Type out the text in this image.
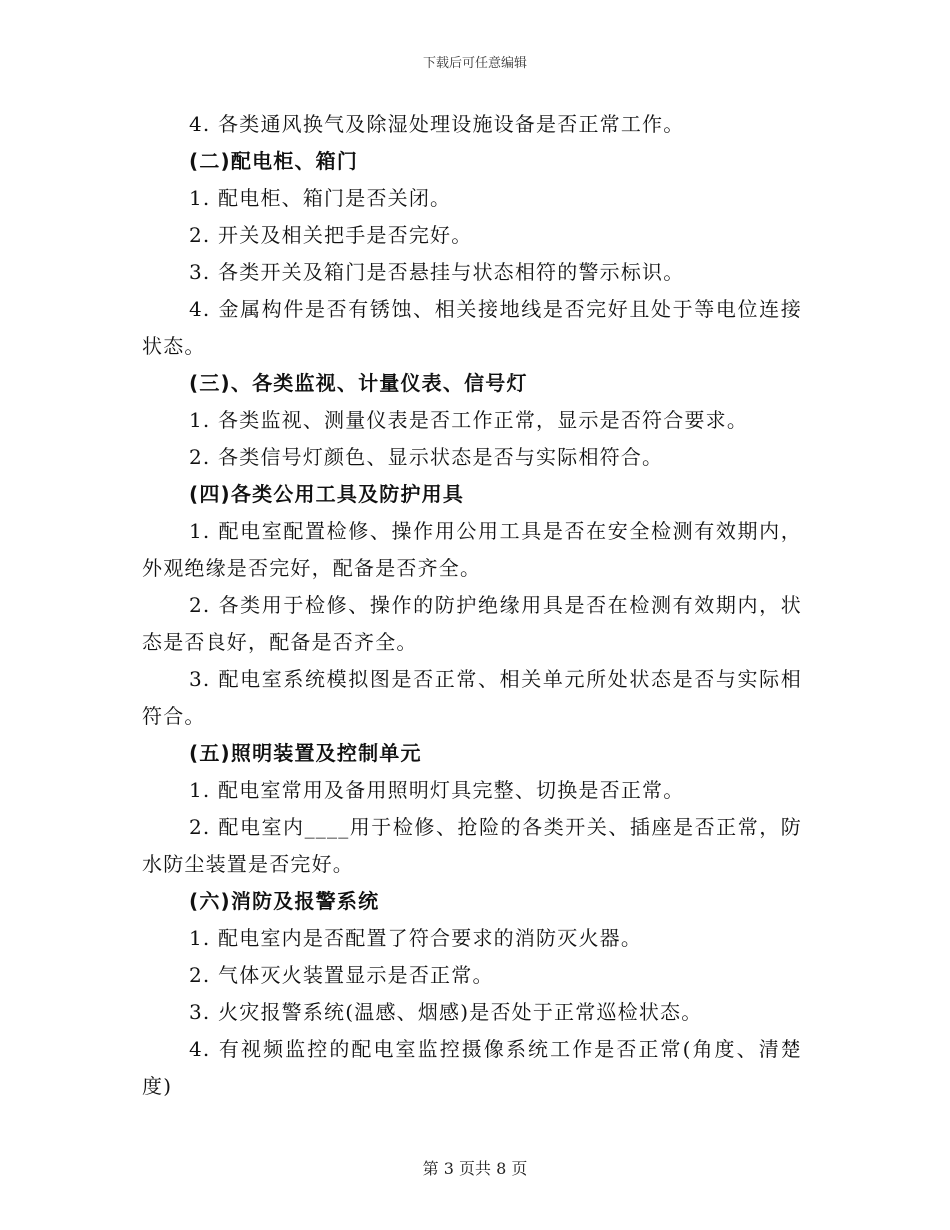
下载后可任意编辑

4. 各类通风换气及除湿处理设施设备是否正常工作。

(二)配电柜、箱门

1. 配电柜、箱门是否关闭。

2. 开关及相关把手是否完好。

3. 各类开关及箱门是否悬挂与状态相符的警示标识。

4. 金属构件是否有锈蚀、相关接地线是否完好且处于等电位连接状态。

(三)、各类监视、计量仪表、信号灯

1. 各类监视、测量仪表是否工作正常，显示是否符合要求。

2. 各类信号灯颜色、显示状态是否与实际相符合。

(四)各类公用工具及防护用具

1. 配电室配置检修、操作用公用工具是否在安全检测有效期内，外观绝缘是否完好，配备是否齐全。

2. 各类用于检修、操作的防护绝缘用具是否在检测有效期内，状态是否良好，配备是否齐全。

3. 配电室系统模拟图是否正常、相关单元所处状态是否与实际相符合。

(五)照明装置及控制单元

1. 配电室常用及备用照明灯具完整、切换是否正常。

2. 配电室内____用于检修、抢险的各类开关、插座是否正常，防水防尘装置是否完好。

(六)消防及报警系统

1. 配电室内是否配置了符合要求的消防灭火器。

2. 气体灭火装置显示是否正常。

3. 火灾报警系统(温感、烟感)是否处于正常巡检状态。

4. 有视频监控的配电室监控摄像系统工作是否正常(角度、清楚度)

第 3 页共 8 页
